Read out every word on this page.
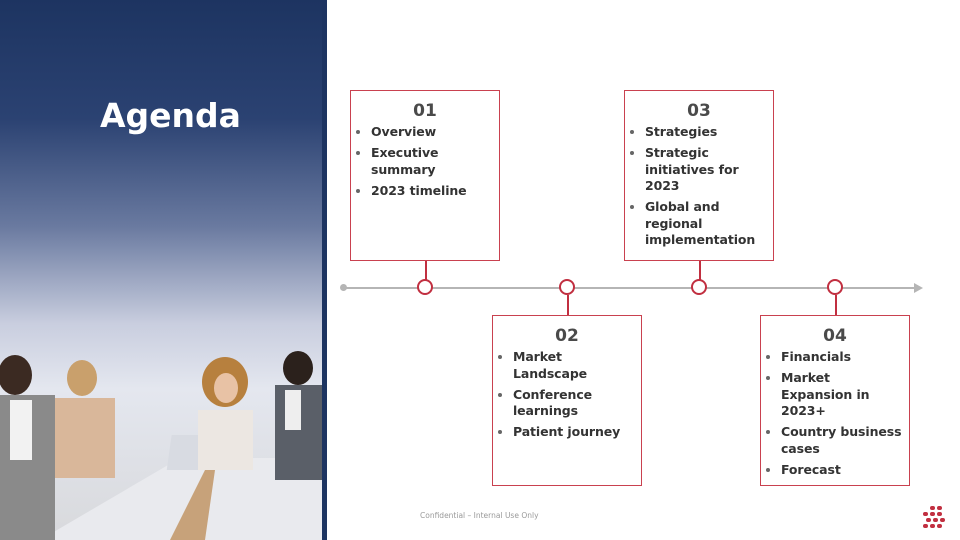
Agenda	01
• Overview
• Executive summary
• 2023 timeline
02
• Market Landscape
• Conference learnings
• Patient journey
03
• Strategies
• Strategic initiatives for 2023
• Global and regional implementation
04
• Financials
• Market Expansion in 2023+
• Country business cases
• Forecast
Confidential – Internal Use Only
